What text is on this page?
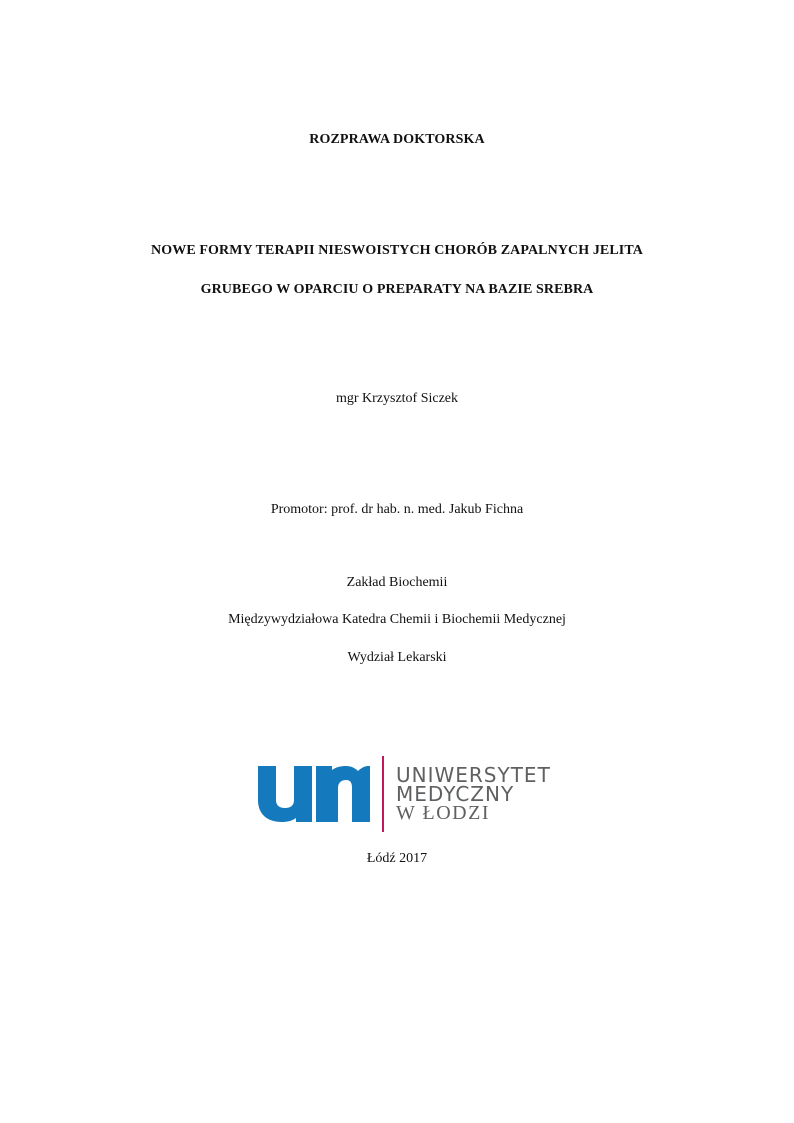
ROZPRAWA DOKTORSKA
NOWE FORMY TERAPII NIESWOISTYCH CHORÓB ZAPALNYCH JELITA
GRUBEGO W OPARCIU O PREPARATY NA BAZIE SREBRA
mgr Krzysztof Siczek
Promotor: prof. dr hab. n. med. Jakub Fichna
Zakład Biochemii
Międzywydziałowa Katedra Chemii i Biochemii Medycznej
Wydział Lekarski
UNIWERSYTET
MEDYCZNY
W ŁODZI
Łódź 2017
